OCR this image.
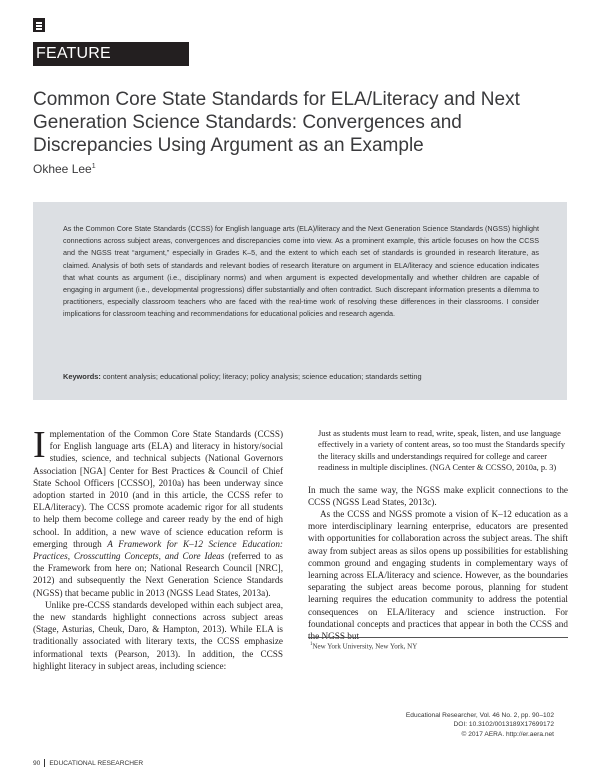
FEATURE ARTICLES
Common Core State Standards for ELA/Literacy and Next Generation Science Standards: Convergences and Discrepancies Using Argument as an Example
Okhee Lee$^1$

As the Common Core State Standards (CCSS) for English language arts (ELA)/literacy and the Next Generation Science Standards (NGSS) highlight connections across subject areas, convergences and discrepancies come into view. As a prominent example, this article focuses on how the CCSS and the NGSS treat “argument,” especially in Grades K–5, and the extent to which each set of standards is grounded in research literature, as claimed. Analysis of both sets of standards and relevant bodies of research literature on argument in ELA/literacy and science education indicates that what counts as argument (i.e., disciplinary norms) and when argument is expected developmentally and whether children are capable of engaging in argument (i.e., developmental progressions) differ substantially and often contradict. Such discrepant information presents a dilemma to practitioners, especially classroom teachers who are faced with the real-time work of resolving these differences in their classrooms. I consider implications for classroom teaching and recommendations for educational policies and research agenda.

Keywords: content analysis; educational policy; literacy; policy analysis; science education; standards setting

Implementation of the Common Core State Standards (CCSS) for English language arts (ELA) and literacy in history/social studies, science, and technical subjects (National Governors Association [NGA] Center for Best Practices & Council of Chief State School Officers [CCSSO], 2010a) has been underway since adoption started in 2010 (and in this article, the CCSS refer to ELA/literacy). The CCSS promote academic rigor for all students to help them become college and career ready by the end of high school. In addition, a new wave of science education reform is emerging through A Framework for K–12 Science Education: Practices, Crosscutting Concepts, and Core Ideas (referred to as the Framework from here on; National Research Council [NRC], 2012) and subsequently the Next Generation Science Standards (NGSS) that became public in 2013 (NGSS Lead States, 2013a).

Unlike pre-CCSS standards developed within each subject area, the new standards highlight connections across subject areas (Stage, Asturias, Cheuk, Daro, & Hampton, 2013). While ELA is traditionally associated with literary texts, the CCSS emphasize informational texts (Pearson, 2013). In addition, the CCSS highlight literacy in subject areas, including science:

Just as students must learn to read, write, speak, listen, and use language effectively in a variety of content areas, so too must the Standards specify the literacy skills and understandings required for college and career readiness in multiple disciplines. (NGA Center & CCSSO, 2010a, p. 3)

In much the same way, the NGSS make explicit connections to the CCSS (NGSS Lead States, 2013c).

As the CCSS and NGSS promote a vision of K–12 education as a more interdisciplinary learning enterprise, educators are presented with opportunities for collaboration across the subject areas. The shift away from subject areas as silos opens up possibilities for establishing common ground and engaging students in complementary ways of learning across ELA/literacy and science. However, as the boundaries separating the subject areas become porous, planning for student learning requires the education community to address the potential consequences on ELA/literacy and science instruction. For foundational concepts and practices that appear in both the CCSS and the NGSS but

$^1$New York University, New York, NY
Educational Researcher, Vol. 46 No. 2, pp. 90–102
DOI: 10.3102/0013189X17699172
© 2017 AERA. http://er.aera.net
90 EDUCATIONAL RESEARCHER
